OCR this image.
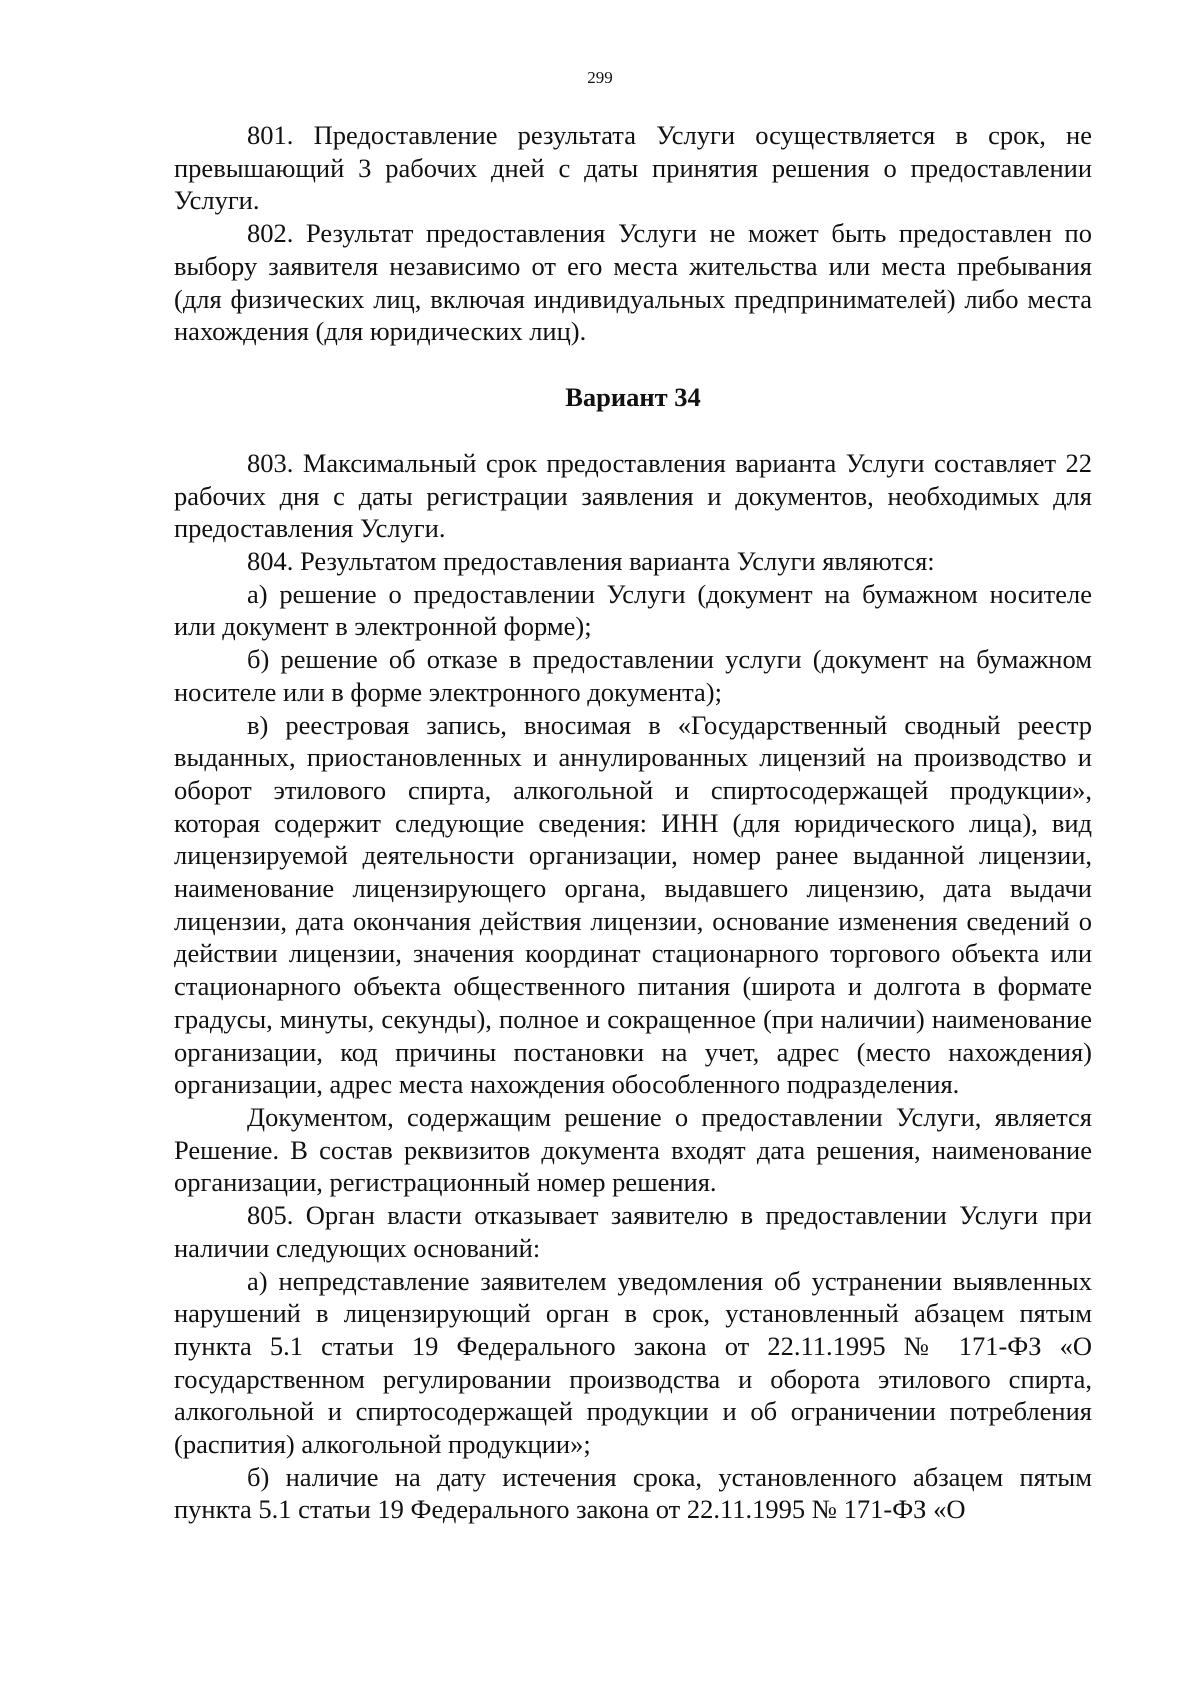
299

801. Предоставление результата Услуги осуществляется в срок, не превышающий 3 рабочих дней с даты принятия решения о предоставлении Услуги.

802. Результат предоставления Услуги не может быть предоставлен по выбору заявителя независимо от его места жительства или места пребывания (для физических лиц, включая индивидуальных предпринимателей) либо места нахождения (для юридических лиц).

Вариант 34

803. Максимальный срок предоставления варианта Услуги составляет 22 рабочих дня с даты регистрации заявления и документов, необходимых для предоставления Услуги.

804. Результатом предоставления варианта Услуги являются:

а) решение о предоставлении Услуги (документ на бумажном носителе или документ в электронной форме);

б) решение об отказе в предоставлении услуги (документ на бумажном носителе или в форме электронного документа);

в) реестровая запись, вносимая в «Государственный сводный реестр выданных, приостановленных и аннулированных лицензий на производство и оборот этилового спирта, алкогольной и спиртосодержащей продукции», которая содержит следующие сведения: ИНН (для юридического лица), вид лицензируемой деятельности организации, номер ранее выданной лицензии, наименование лицензирующего органа, выдавшего лицензию, дата выдачи лицензии, дата окончания действия лицензии, основание изменения сведений о действии лицензии, значения координат стационарного торгового объекта или стационарного объекта общественного питания (широта и долгота в формате градусы, минуты, секунды), полное и сокращенное (при наличии) наименование организации, код причины постановки на учет, адрес (место нахождения) организации, адрес места нахождения обособленного подразделения.

Документом, содержащим решение о предоставлении Услуги, является Решение. В состав реквизитов документа входят дата решения, наименование организации, регистрационный номер решения.

805. Орган власти отказывает заявителю в предоставлении Услуги при наличии следующих оснований:

а) непредставление заявителем уведомления об устранении выявленных нарушений в лицензирующий орган в срок, установленный абзацем пятым пункта 5.1 статьи 19 Федерального закона от 22.11.1995 № 171-ФЗ «О государственном регулировании производства и оборота этилового спирта, алкогольной и спиртосодержащей продукции и об ограничении потребления (распития) алкогольной продукции»;

б) наличие на дату истечения срока, установленного абзацем пятым пункта 5.1 статьи 19 Федерального закона от 22.11.1995 № 171-ФЗ «О
